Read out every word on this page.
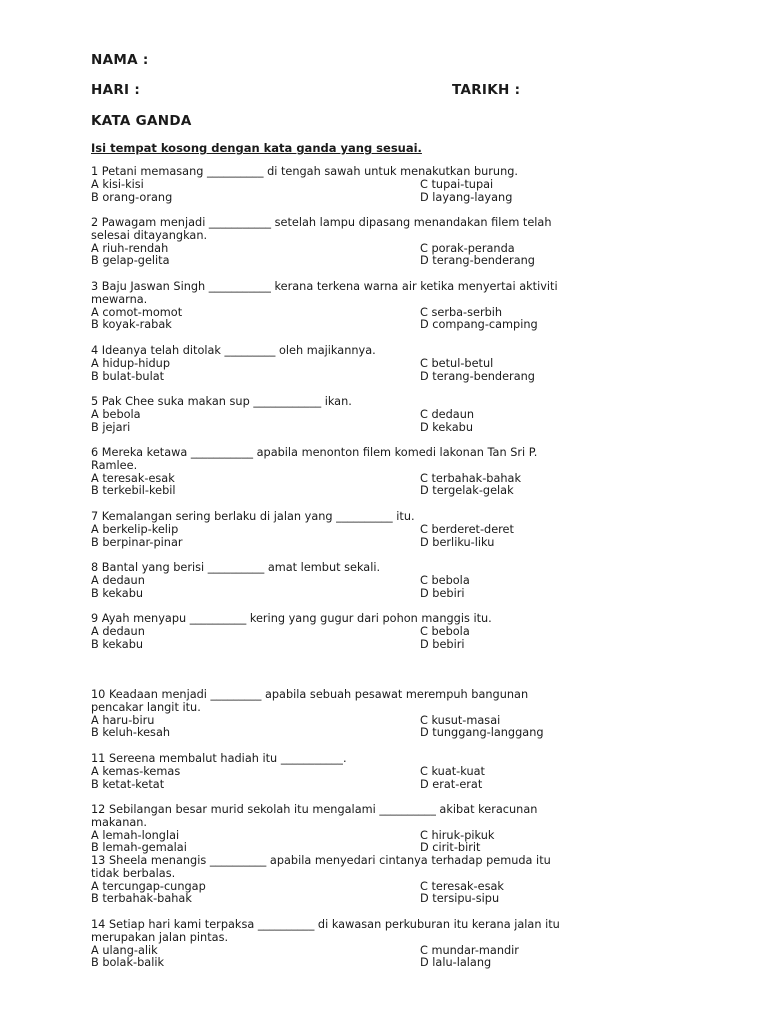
NAMA :
HARI :	TARIKH :
KATA GANDA
Isi tempat kosong dengan kata ganda yang sesuai.
1 Petani memasang __________ di tengah sawah untuk menakutkan burung.
A kisi-kisi	C tupai-tupai
B orang-orang	D layang-layang
2 Pawagam menjadi ___________ setelah lampu dipasang menandakan filem telah selesai ditayangkan.
A riuh-rendah	C porak-peranda
B gelap-gelita	D terang-benderang
3 Baju Jaswan Singh ___________ kerana terkena warna air ketika menyertai aktiviti mewarna.
A comot-momot	C serba-serbih
B koyak-rabak	D compang-camping
4 Ideanya telah ditolak _________ oleh majikannya.
A hidup-hidup	C betul-betul
B bulat-bulat	D terang-benderang
5 Pak Chee suka makan sup ____________ ikan.
A bebola	C dedaun
B jejari	D kekabu
6 Mereka ketawa ___________ apabila menonton filem komedi lakonan Tan Sri P. Ramlee.
A teresak-esak	C terbahak-bahak
B terkebil-kebil	D tergelak-gelak
7 Kemalangan sering berlaku di jalan yang __________ itu.
A berkelip-kelip	C berderet-deret
B berpinar-pinar	D berliku-liku
8 Bantal yang berisi __________ amat lembut sekali.
A dedaun	C bebola
B kekabu	D bebiri
9 Ayah menyapu __________ kering yang gugur dari pohon manggis itu.
A dedaun	C bebola
B kekabu	D bebiri
10 Keadaan menjadi _________ apabila sebuah pesawat merempuh bangunan pencakar langit itu.
A haru-biru	C kusut-masai
B keluh-kesah	D tunggang-langgang
11 Sereena membalut hadiah itu ___________.
A kemas-kemas	C kuat-kuat
B ketat-ketat	D erat-erat
12 Sebilangan besar murid sekolah itu mengalami __________ akibat keracunan makanan.
A lemah-longlai	C hiruk-pikuk
B lemah-gemalai	D cirit-birit
13 Sheela menangis __________ apabila menyedari cintanya terhadap pemuda itu tidak berbalas.
A tercungap-cungap	C teresak-esak
B terbahak-bahak	D tersipu-sipu
14 Setiap hari kami terpaksa __________ di kawasan perkuburan itu kerana jalan itu merupakan jalan pintas.
A ulang-alik	C mundar-mandir
B bolak-balik	D lalu-lalang
